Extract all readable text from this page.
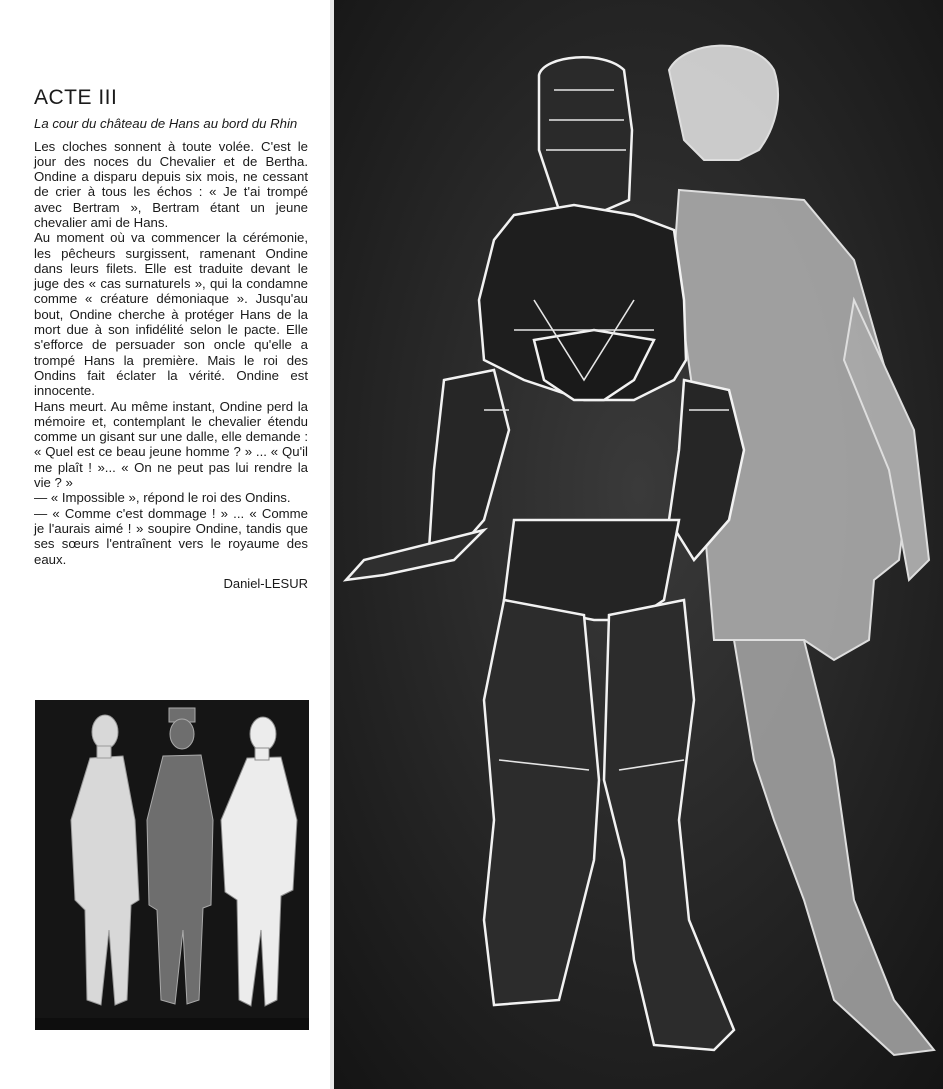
ACTE III
La cour du château de Hans au bord du Rhin

Les cloches sonnent à toute volée. C'est le jour des noces du Chevalier et de Bertha. Ondine a disparu depuis six mois, ne cessant de crier à tous les échos : « Je t'ai trompé avec Bertram », Bertram étant un jeune chevalier ami de Hans.

Au moment où va commencer la cérémonie, les pêcheurs surgissent, ramenant Ondine dans leurs filets. Elle est traduite devant le juge des « cas surnaturels », qui la condamne comme « créature démoniaque ». Jusqu'au bout, Ondine cherche à protéger Hans de la mort due à son infidélité selon le pacte. Elle s'efforce de persuader son oncle qu'elle a trompé Hans la première. Mais le roi des Ondins fait éclater la vérité. Ondine est innocente.

Hans meurt. Au même instant, Ondine perd la mémoire et, contemplant le chevalier étendu comme un gisant sur une dalle, elle demande : « Quel est ce beau jeune homme ? » ... « Qu'il me plaît ! »... « On ne peut pas lui rendre la vie ? »

— « Impossible », répond le roi des Ondins.

— « Comme c'est dommage ! » ... « Comme je l'aurais aimé ! » soupire Ondine, tandis que ses sœurs l'entraînent vers le royaume des eaux.

Daniel-LESUR
